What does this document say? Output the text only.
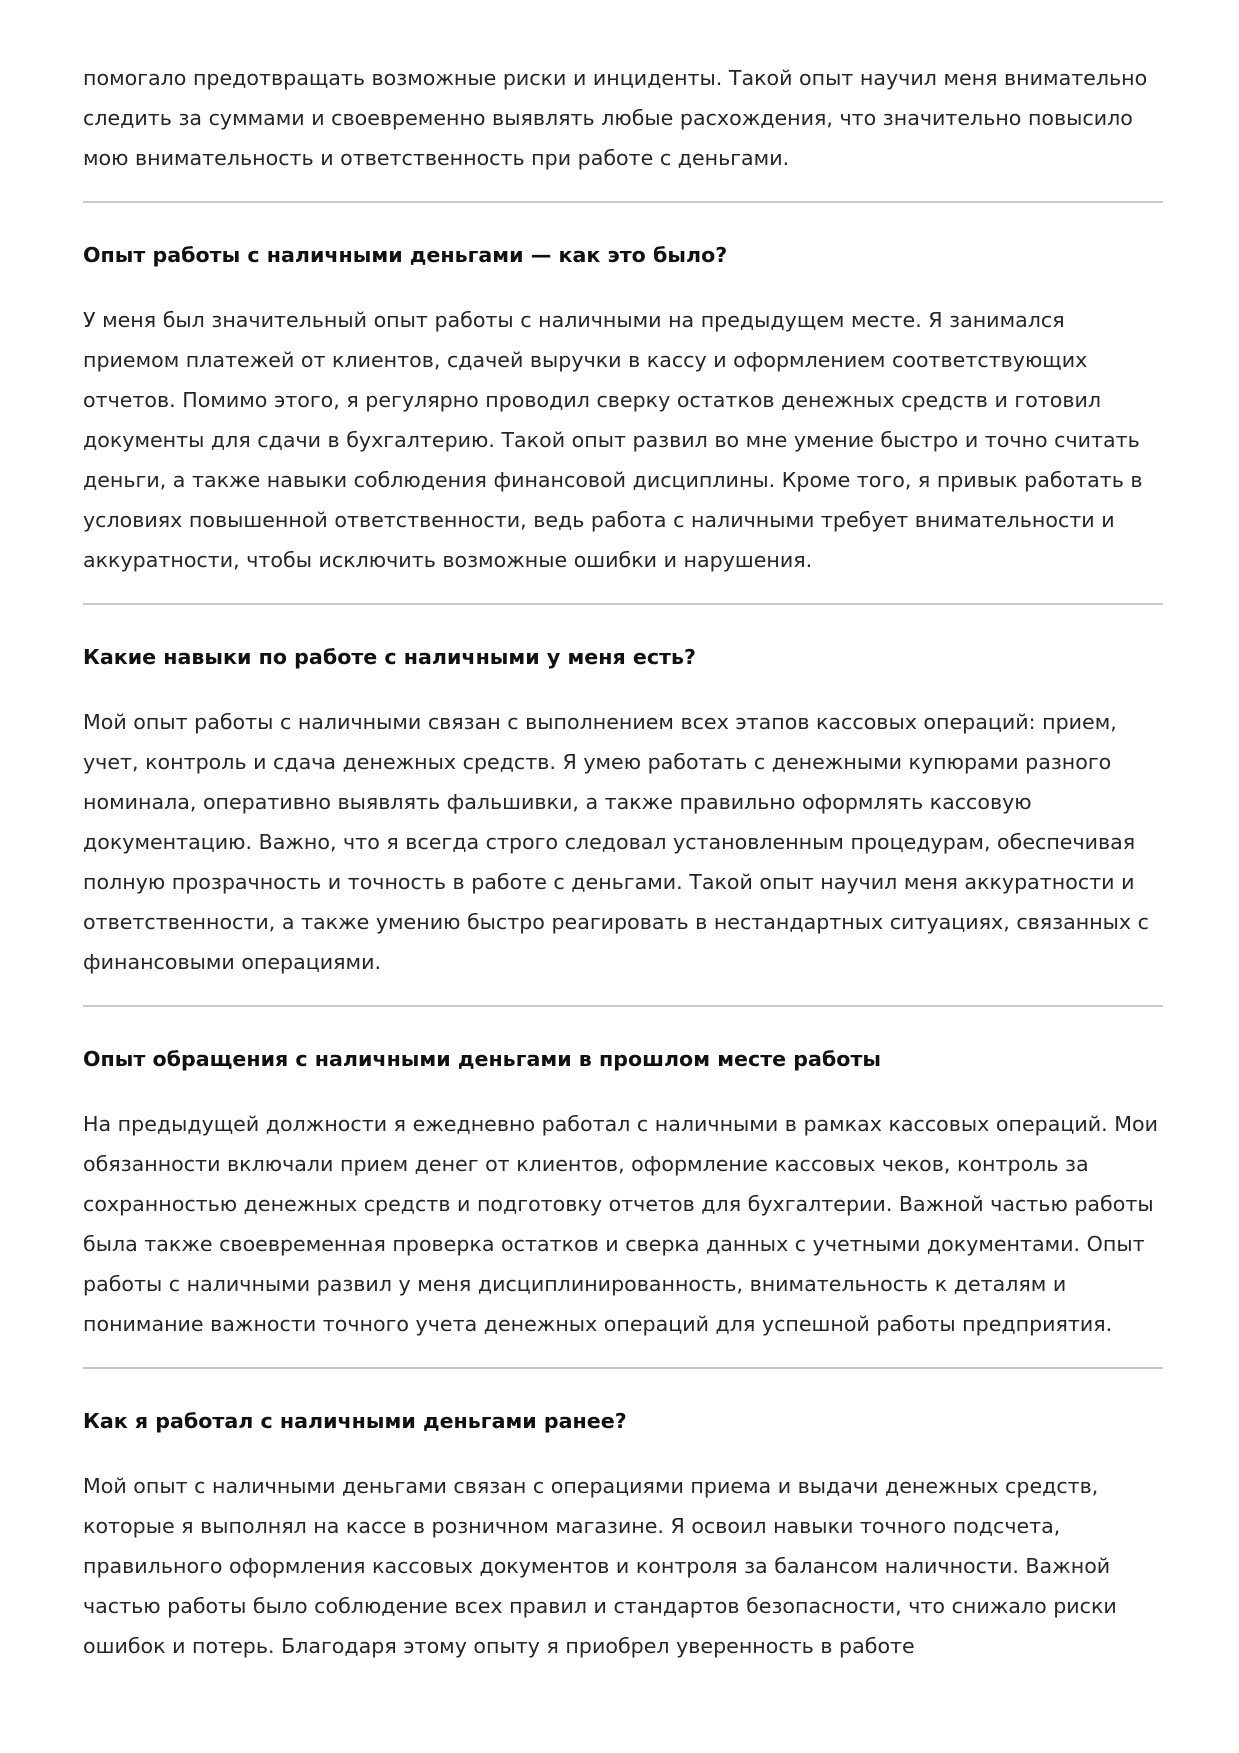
помогало предотвращать возможные риски и инциденты. Такой опыт научил меня внимательно следить за суммами и своевременно выявлять любые расхождения, что значительно повысило мою внимательность и ответственность при работе с деньгами.

Опыт работы с наличными деньгами — как это было?

У меня был значительный опыт работы с наличными на предыдущем месте. Я занимался приемом платежей от клиентов, сдачей выручки в кассу и оформлением соответствующих отчетов. Помимо этого, я регулярно проводил сверку остатков денежных средств и готовил документы для сдачи в бухгалтерию. Такой опыт развил во мне умение быстро и точно считать деньги, а также навыки соблюдения финансовой дисциплины. Кроме того, я привык работать в условиях повышенной ответственности, ведь работа с наличными требует внимательности и аккуратности, чтобы исключить возможные ошибки и нарушения.

Какие навыки по работе с наличными у меня есть?

Мой опыт работы с наличными связан с выполнением всех этапов кассовых операций: прием, учет, контроль и сдача денежных средств. Я умею работать с денежными купюрами разного номинала, оперативно выявлять фальшивки, а также правильно оформлять кассовую документацию. Важно, что я всегда строго следовал установленным процедурам, обеспечивая полную прозрачность и точность в работе с деньгами. Такой опыт научил меня аккуратности и ответственности, а также умению быстро реагировать в нестандартных ситуациях, связанных с финансовыми операциями.

Опыт обращения с наличными деньгами в прошлом месте работы

На предыдущей должности я ежедневно работал с наличными в рамках кассовых операций. Мои обязанности включали прием денег от клиентов, оформление кассовых чеков, контроль за сохранностью денежных средств и подготовку отчетов для бухгалтерии. Важной частью работы была также своевременная проверка остатков и сверка данных с учетными документами. Опыт работы с наличными развил у меня дисциплинированность, внимательность к деталям и понимание важности точного учета денежных операций для успешной работы предприятия.

Как я работал с наличными деньгами ранее?

Мой опыт с наличными деньгами связан с операциями приема и выдачи денежных средств, которые я выполнял на кассе в розничном магазине. Я освоил навыки точного подсчета, правильного оформления кассовых документов и контроля за балансом наличности. Важной частью работы было соблюдение всех правил и стандартов безопасности, что снижало риски ошибок и потерь. Благодаря этому опыту я приобрел уверенность в работе
